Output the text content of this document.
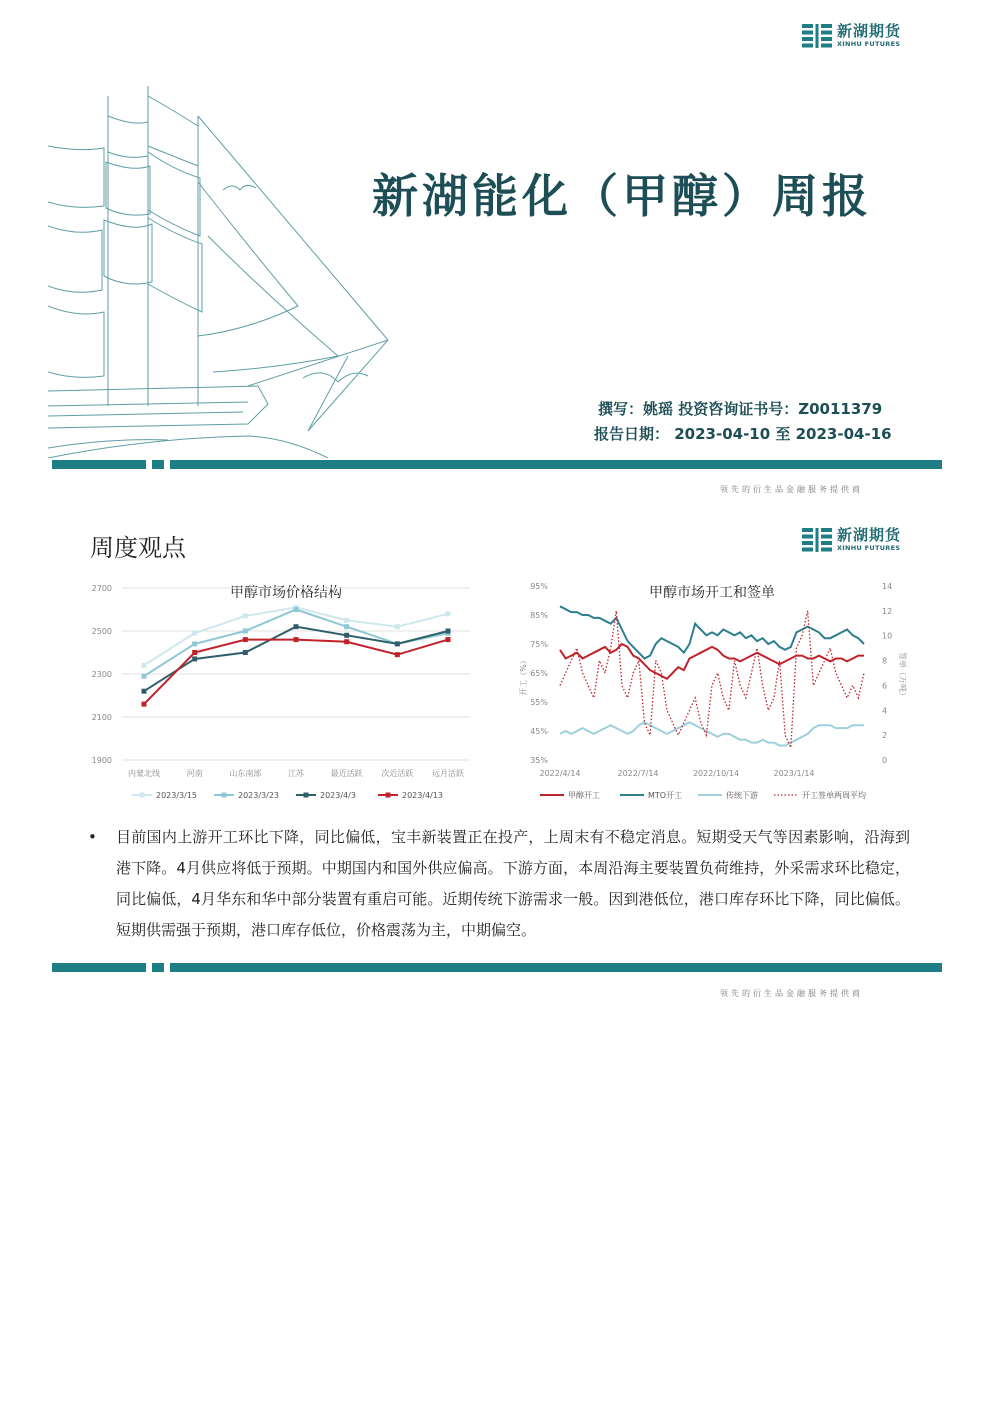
新湖期货
XINHU FUTURES
新湖能化（甲醇）周报
撰写：姚瑶 投资咨询证书号：Z0011379
报告日期： 2023-04-10 至 2023-04-16
领先的衍生品金融服务提供商
周度观点	新湖期货
XINHU FUTURES
甲醇市场价格结构
1900
2100
2300
2500
2700
内蒙北线	河南	山东南部	江苏	最近活跃 次近活跃 远月活跃
2023/3/15	2023/3/23	2023/4/3	2023/4/13
甲醇市场开工和签单
开工（%）	签单（万吨）
35%
45%
55%
65%
75%
85%
95%
0
2
4
6
8
10
12
14
2022/4/14	2022/7/14	2022/10/14	2023/1/14
甲醇开工	MTO开工	传统下游	开工签单两周平均
• 目前国内上游开工环比下降，同比偏低，宝丰新装置正在投产，上周末有不稳定消息。短期受天气等因素影响，沿海到港下降。4月供应将低于预期。中期国内和国外供应偏高。下游方面，本周沿海主要装置负荷维持，外采需求环比稳定，同比偏低，4月华东和华中部分装置有重启可能。近期传统下游需求一般。因到港低位，港口库存环比下降，同比偏低。短期供需强于预期，港口库存低位，价格震荡为主，中期偏空。

领先的衍生品金融服务提供商
